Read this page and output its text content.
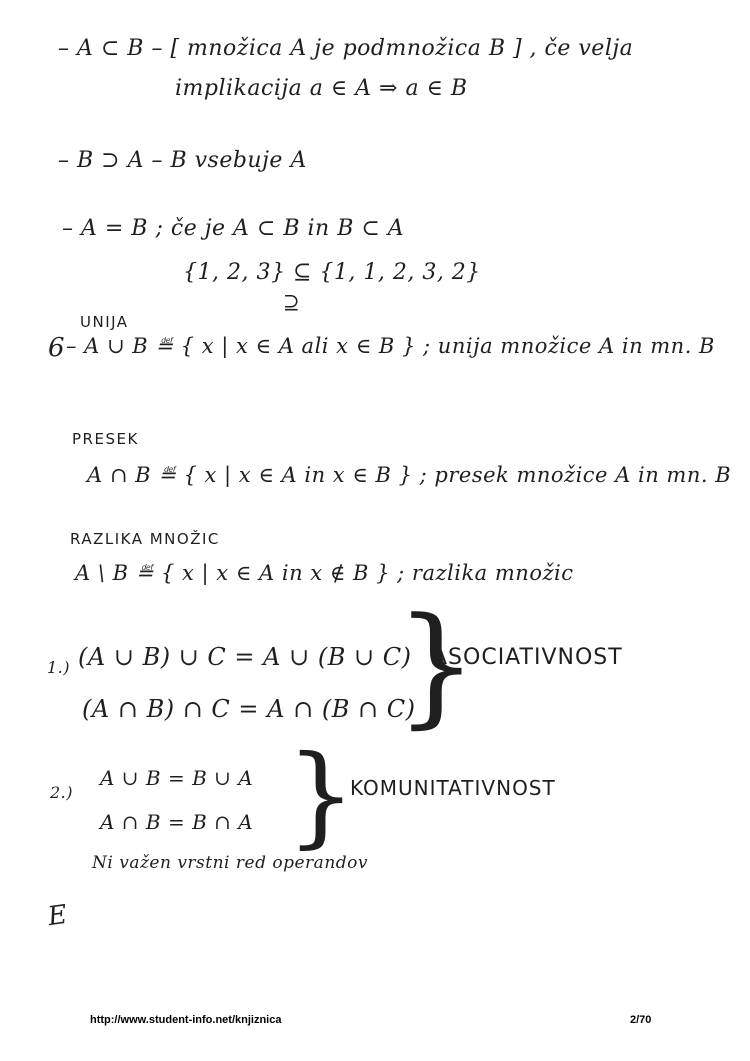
– A ⊂ B – [ množica A je podmnožica B ] , če velja
implikacija a ∈ A ⇒ a ∈ B
– B ⊃ A – B vsebuje A
– A = B ; če je A ⊂ B in B ⊂ A
{1, 2, 3} ⊆ {1, 1, 2, 3, 2}
⊇
UNIJA
6 – A ∪ B ≝ { x | x ∈ A ali x ∈ B } ; unija množice A in mn. B
PRESEK
A ∩ B ≝ { x | x ∈ A in x ∈ B } ; presek množice A in mn. B
RAZLIKA MNOŽIC
A \ B ≝ { x | x ∈ A in x ∉ B } ; razlika množic
1.) (A ∪ B) ∪ C = A ∪ (B ∪ C)
(A ∩ B) ∩ C = A ∩ (B ∩ C)
}
ASOCIATIVNOST
2.)
A ∪ B = B ∪ A
A ∩ B = B ∩ A }
KOMUNITATIVNOST
Ni važen vrstni red operandov
E
http://www.student-info.net/knjiznica	2/70
